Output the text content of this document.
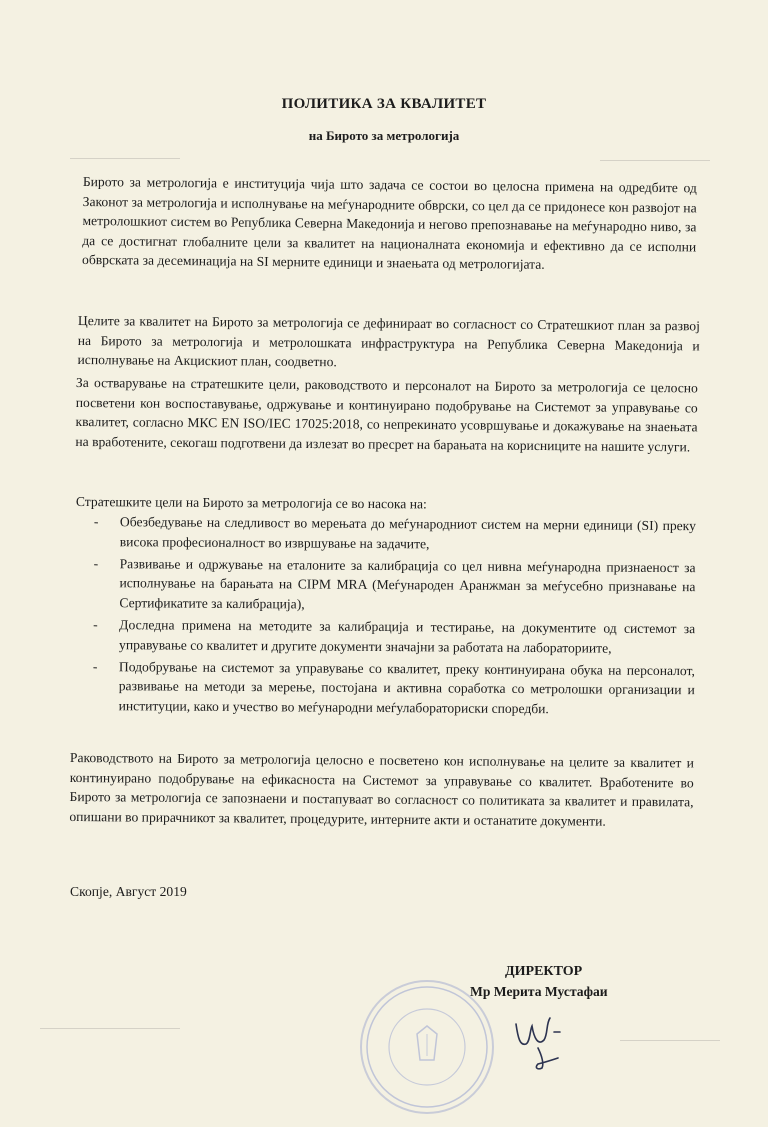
ПОЛИТИКА ЗА КВАЛИТЕТ
на Бирото за метрологија
Бирото за метрологија е институција чија што задача се состои во целосна примена на одредбите од Законот за метрологија и исполнување на меѓународните обврски, со цел да се придонесе кон развојот на метролошкиот систем во Република Северна Македонија и негово препознавање на меѓународно ниво, за да се достигнат глобалните цели за квалитет на националната економија и ефективно да се исполни обврската за десеминација на SI мерните единици и знаењата од метрологијата.
Целите за квалитет на Бирото за метрологија се дефинираат во согласност со Стратешкиот план за развој на Бирото за метрологија и метролошката инфраструктура на Република Северна Македонија и исполнување на Акцискиот план, соодветно.
За остварување на стратешките цели, раководството и персоналот на Бирото за метрологија се целосно посветени кон воспоставување, одржување и континуирано подобрување на Системот за управување со квалитет, согласно МКС EN ISO/IEC 17025:2018, со непрекинато усовршување и докажување на знаењата на вработените, секогаш подготвени да излезат во пресрет на барањата на корисниците на нашите услуги.
Стратешките цели на Бирото за метрологија се во насока на:
- Обезбедување на следливост во мерењата до меѓународниот систем на мерни единици (SI) преку висока професионалност во извршување на задачите,
- Развивање и одржување на еталоните за калибрација со цел нивна меѓународна признаеност за исполнување на барањата на CIPM MRA (Меѓународен Аранжман за меѓусебно признавање на Сертификатите за калибрација),
- Доследна примена на методите за калибрација и тестирање, на документите од системот за управување со квалитет и другите документи значајни за работата на лабораториите,
- Подобрување на системот за управување со квалитет, преку континуирана обука на персоналот, развивање на методи за мерење, постојана и активна соработка со метролошки организации и институции, како и учество во меѓународни меѓулабораториски споредби.
Раководството на Бирото за метрологија целосно е посветено кон исполнување на целите за квалитет и континуирано подобрување на ефикасноста на Системот за управување со квалитет. Вработените во Бирото за метрологија се запознаени и постапуваат во согласност со политиката за квалитет и правилата, опишани во прирачникот за квалитет, процедурите, интерните акти и останатите документи.
Скопје, Август 2019
ДИРЕКТОР
Мр Мерита Мустафаи
